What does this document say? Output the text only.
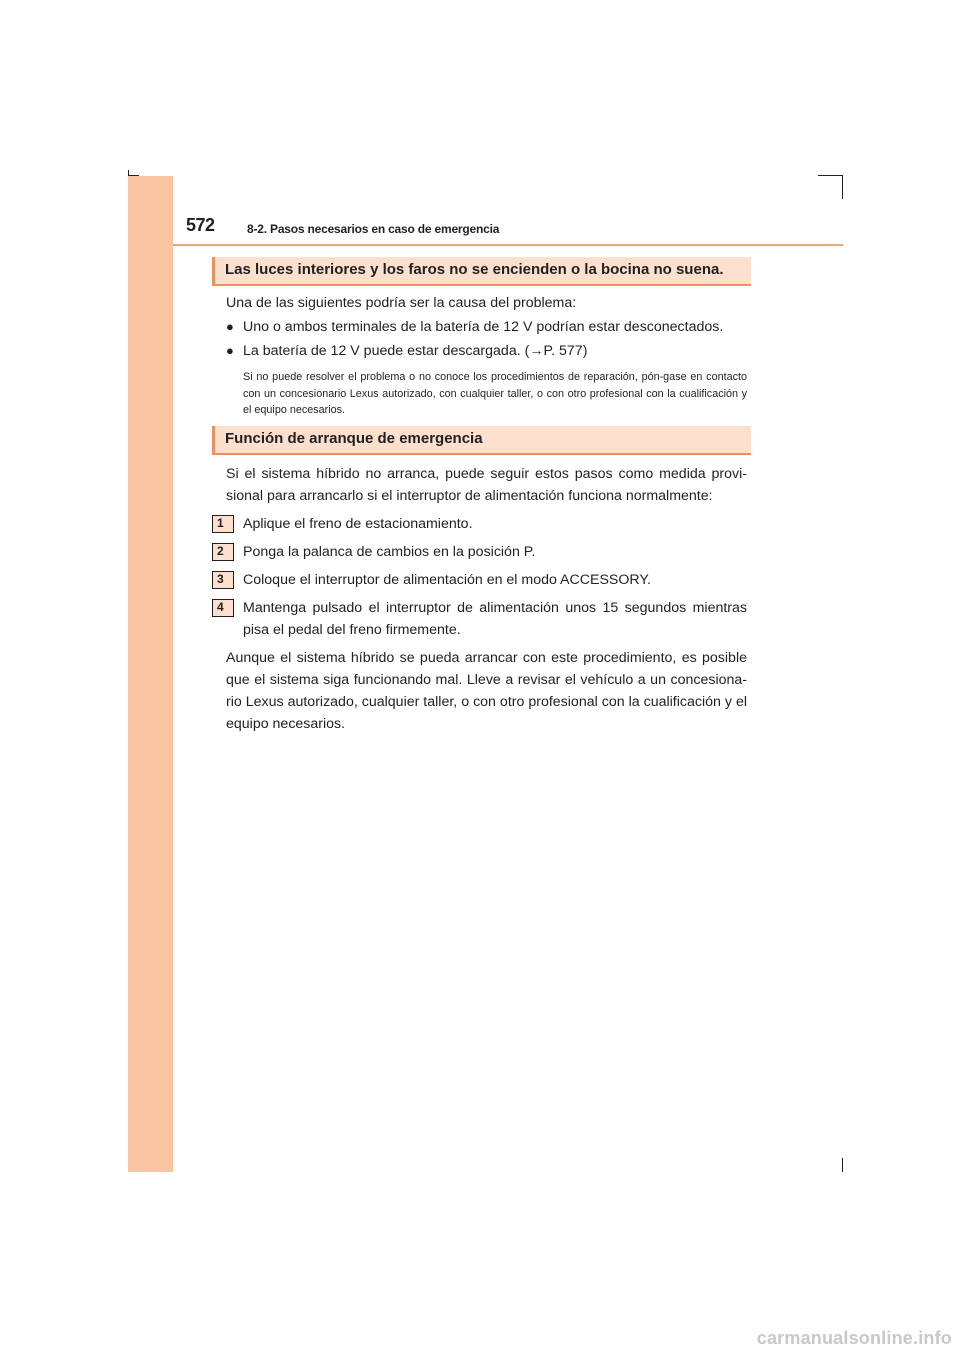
572	8-2. Pasos necesarios en caso de emergencia
Las luces interiores y los faros no se encienden o la bocina no suena.
Una de las siguientes podría ser la causa del problema:
● Uno o ambos terminales de la batería de 12 V podrían estar desconectados.
● La batería de 12 V puede estar descargada. (→P. 577)
Si no puede resolver el problema o no conoce los procedimientos de reparación, pón-gase en contacto con un concesionario Lexus autorizado, con cualquier taller, o con otro profesional con la cualificación y el equipo necesarios.
Función de arranque de emergencia
Si el sistema híbrido no arranca, puede seguir estos pasos como medida provi-sional para arrancarlo si el interruptor de alimentación funciona normalmente:
1 Aplique el freno de estacionamiento.
2 Ponga la palanca de cambios en la posición P.
3 Coloque el interruptor de alimentación en el modo ACCESSORY.
4 Mantenga pulsado el interruptor de alimentación unos 15 segundos mientras pisa el pedal del freno firmemente.
Aunque el sistema híbrido se pueda arrancar con este procedimiento, es posible que el sistema siga funcionando mal. Lleve a revisar el vehículo a un concesiona-rio Lexus autorizado, cualquier taller, o con otro profesional con la cualificación y el equipo necesarios.
carmanualsonline.info
